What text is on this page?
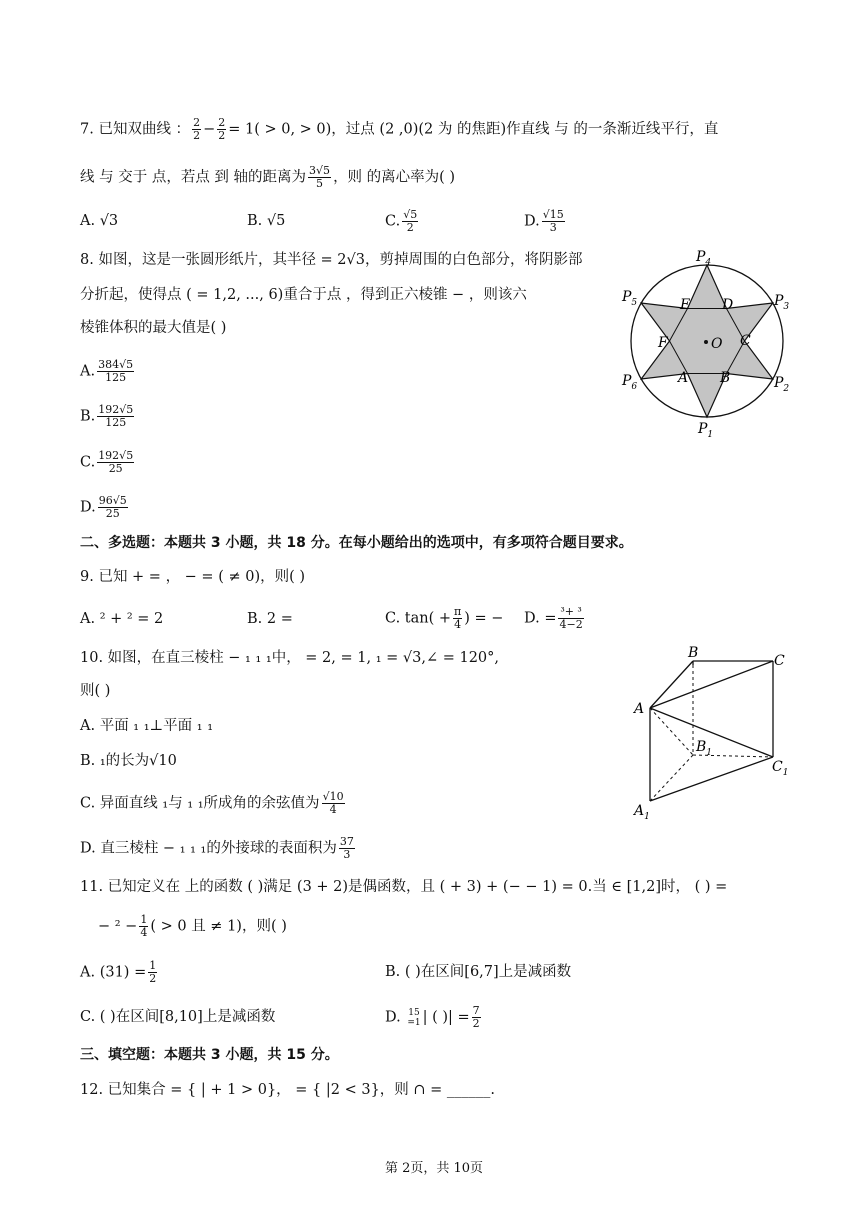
7. 已知双曲线 ： $\frac{2}{2} - \frac{2}{2} = 1( > 0$, > 0)，过点 (2 ,0)(2 为 的焦距)作直线 与 的一条渐近线平行，直
线 与 交于 点，若点 到 轴的距离为 $\frac{3√5}{5}$ ，则 的离心率为( )
A. √3	B. √5	C. $\frac{√5}{2}$	D. $\frac{√15}{3}$
8. 如图，这是一张圆形纸片，其半径 = 2√3，剪掉周围的白色部分，将阴影部
分折起，使得点 ( = 1,2, ..., 6)重合于点 ，得到正六棱锥 − ，则该六
棱锥体积的最大值是( )
A. $\frac{384√5}{125}$
B. $\frac{192√5}{125}$
C. $\frac{192√5}{25}$
D. $\frac{96√5}{25}$
O
A B
C
D
E
F
$P_4$
$P_3$
$P_5$
$P_6$	$P_2$
$P_1$
二、多选题：本题共 3 小题，共 18 分。在每小题给出的选项中，有多项符合题目要求。
9. 已知 + = ， − = ( ≠ 0)，则( )
A. ² + ² = 2	B. 2 =	C. $\tan( + \frac{\pi}{4}$ ) = − D. = $\frac{\text{³+ ³}}{4-2}$
10. 如图，在直三棱柱 − ₁ ₁ ₁中， = 2, = 1, ₁ = √3,∠ = 120°,
则( )
A. 平面 ₁ ₁⊥平面 ₁ ₁
B. ₁的长为√10
C. 异面直线 ₁与 ₁ ₁所成角的余弦值为 $\frac{√10}{4}$
D. 直三棱柱 − ₁ ₁ ₁的外接球的表面积为 $\frac{37}{3}$
B	C
A
$B_1$
$C_1$
$A_1$
11. 已知定义在 上的函数 ( )满足 (3 + 2)是偶函数，且 ( + 3) + (− − 1) = 0.当 ∈ [1,2]时， ( ) =
− $^2 - \frac{1}{4}$ ( > 0 且 ≠ 1)，则( )
A. $(31) = \frac{1}{2}$	B. ( )在区间[6,7]上是减函数
C. ( )在区间[8,10]上是减函数	D. 15
=1 | ( )| = $\frac{7}{2}$
三、填空题：本题共 3 小题，共 15 分。
12. 已知集合 = { | + 1 > 0}， = { |2 < 3}，则 ∩ = ______.
第 2页，共 10页
